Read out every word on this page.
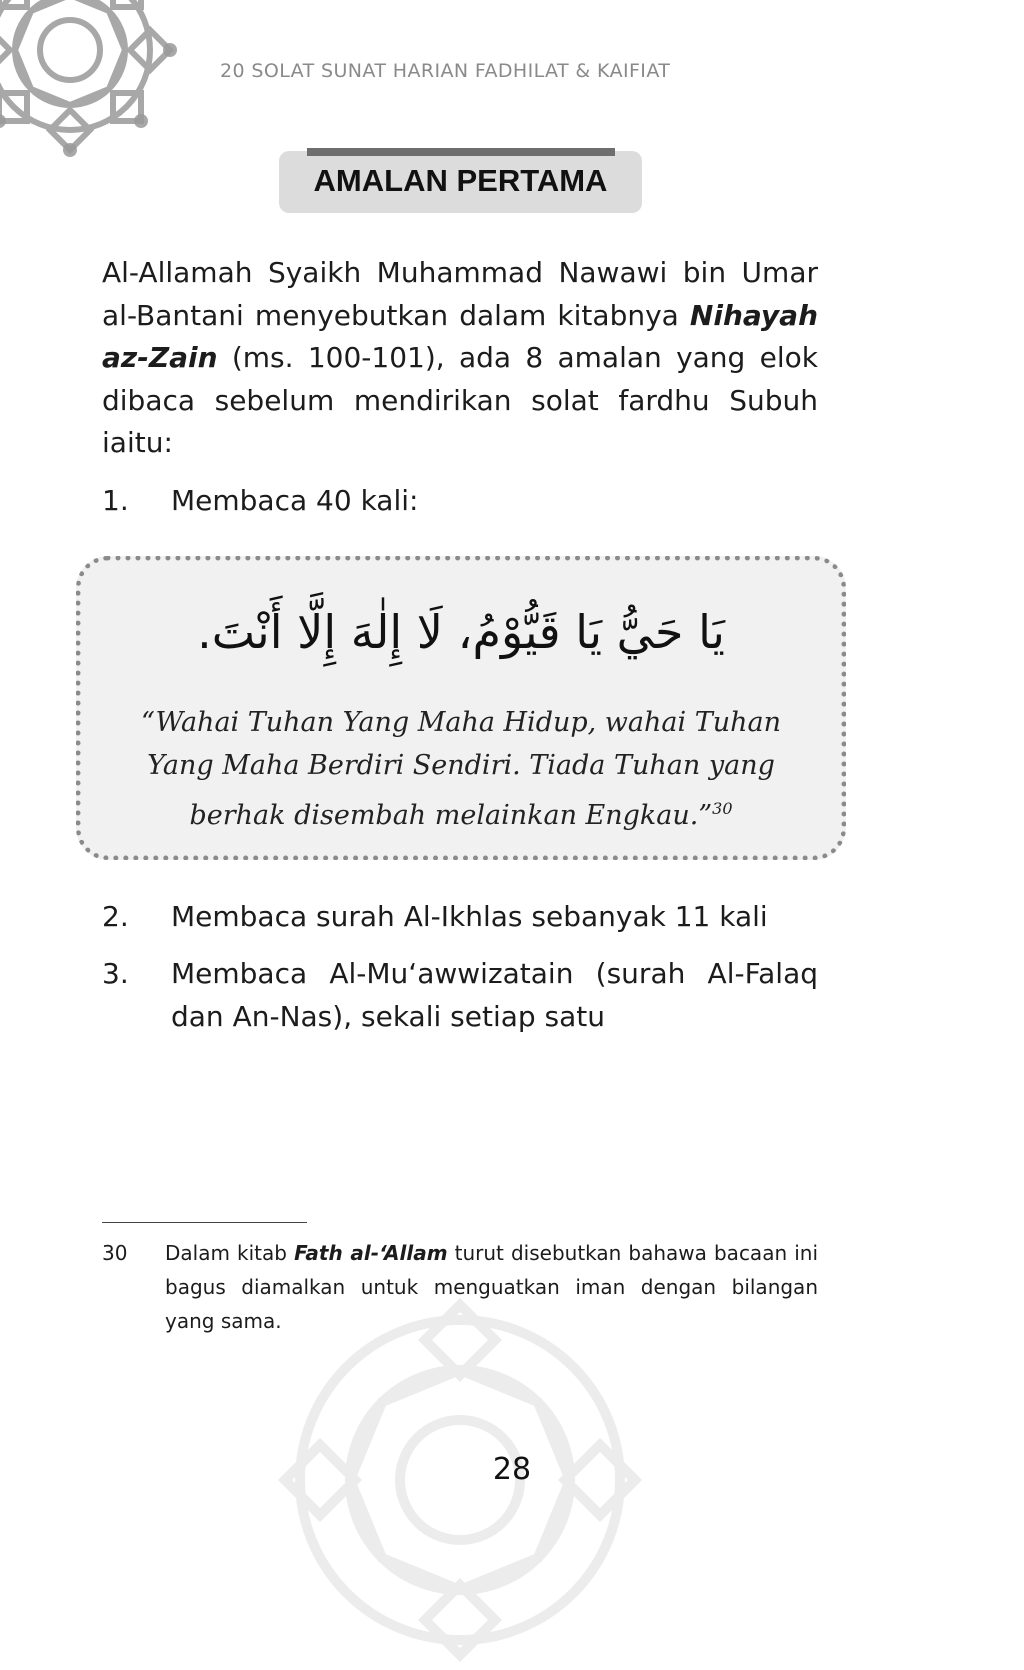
20 SOLAT SUNAT HARIAN FADHILAT & KAIFIAT
AMALAN PERTAMA
Al-Allamah Syaikh Muhammad Nawawi bin Umar al-Bantani menyebutkan dalam kitabnya Nihayah az-Zain (ms. 100-101), ada 8 amalan yang elok dibaca sebelum mendirikan solat fardhu Subuh iaitu:
1. Membaca 40 kali:
يَا حَيُّ يَا قَيُّوْمُ، لَا إِلٰهَ إِلَّا أَنْتَ.
“Wahai Tuhan Yang Maha Hidup, wahai Tuhan Yang Maha Berdiri Sendiri. Tiada Tuhan yang berhak disembah melainkan Engkau.”$^{30}$
2. Membaca surah Al-Ikhlas sebanyak 11 kali
3. Membaca Al-Mu‘awwizatain (surah Al-Falaq dan An-Nas), sekali setiap satu
30 Dalam kitab Fath al-‘Allam turut disebutkan bahawa bacaan ini bagus diamalkan untuk menguatkan iman dengan bilangan yang sama.
28
